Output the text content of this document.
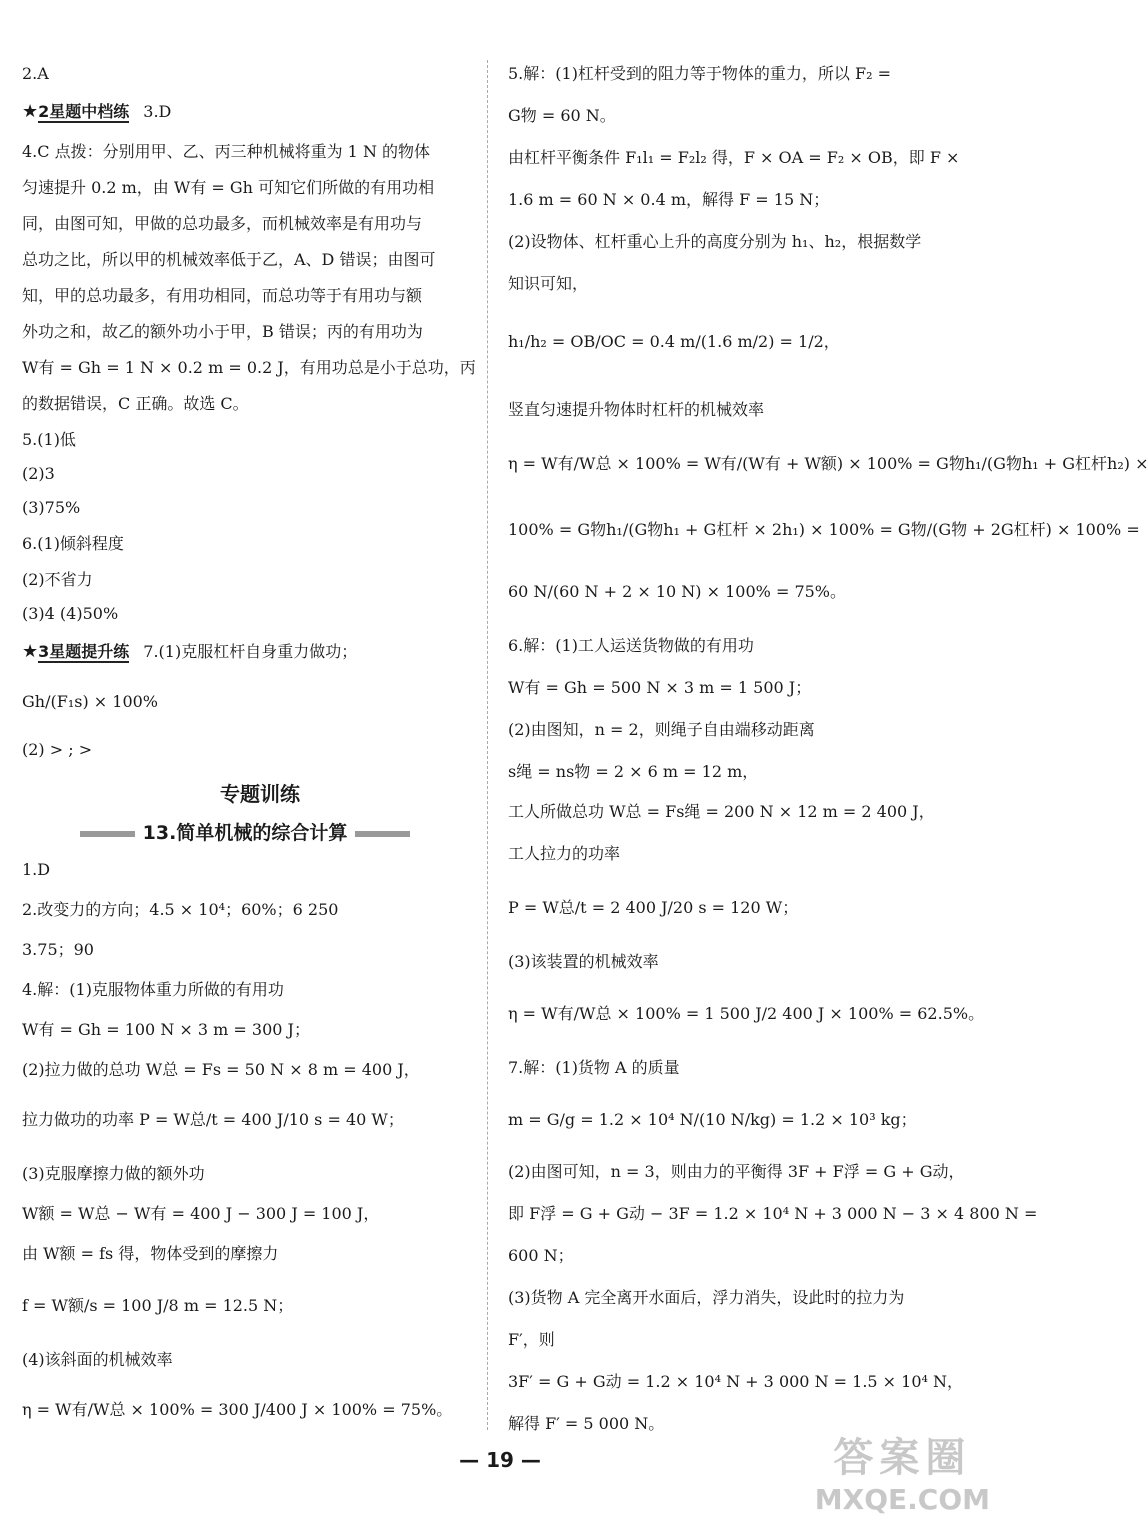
2.A
★2星题中档练 3.D
4.C 点拨：分别用甲、乙、丙三种机械将重为 1 N 的物体
匀速提升 0.2 m，由 W有 = Gh 可知它们所做的有用功相
同，由图可知，甲做的总功最多，而机械效率是有用功与
总功之比，所以甲的机械效率低于乙，A、D 错误；由图可
知，甲的总功最多，有用功相同，而总功等于有用功与额
外功之和，故乙的额外功小于甲，B 错误；丙的有用功为
W有 = Gh = 1 N × 0.2 m = 0.2 J，有用功总是小于总功，丙
的数据错误，C 正确。故选 C。
5.(1)低
(2)3
(3)75%
6.(1)倾斜程度
(2)不省力
(3)4 (4)50%
★3星题提升练 7.(1)克服杠杆自身重力做功；
Gh/(F₁s) × 100%
(2) > ; >
专题训练
13.简单机械的综合计算
1.D
2.改变力的方向；4.5 × 10⁴；60%；6 250
3.75；90
4.解：(1)克服物体重力所做的有用功
W有 = Gh = 100 N × 3 m = 300 J；
(2)拉力做的总功 W总 = Fs = 50 N × 8 m = 400 J，
拉力做功的功率 P = W总/t = 400 J/10 s = 40 W；
(3)克服摩擦力做的额外功
W额 = W总 − W有 = 400 J − 300 J = 100 J，
由 W额 = fs 得，物体受到的摩擦力
f = W额/s = 100 J/8 m = 12.5 N；
(4)该斜面的机械效率
η = W有/W总 × 100% = 300 J/400 J × 100% = 75%。
5.解：(1)杠杆受到的阻力等于物体的重力，所以 F₂ =
G物 = 60 N。
由杠杆平衡条件 F₁l₁ = F₂l₂ 得，F × OA = F₂ × OB，即 F ×
1.6 m = 60 N × 0.4 m，解得 F = 15 N；
(2)设物体、杠杆重心上升的高度分别为 h₁、h₂，根据数学
知识可知，
h₁/h₂ = OB/OC = 0.4 m/(1.6 m/2) = 1/2，
竖直匀速提升物体时杠杆的机械效率
η = W有/W总 × 100% = W有/(W有 + W额) × 100% = G物h₁/(G物h₁ + G杠杆h₂) ×
100% = G物h₁/(G物h₁ + G杠杆 × 2h₁) × 100% = G物/(G物 + 2G杠杆) × 100% =
60 N/(60 N + 2 × 10 N) × 100% = 75%。
6.解：(1)工人运送货物做的有用功
W有 = Gh = 500 N × 3 m = 1 500 J；
(2)由图知，n = 2，则绳子自由端移动距离
s绳 = ns物 = 2 × 6 m = 12 m，
工人所做总功 W总 = Fs绳 = 200 N × 12 m = 2 400 J，
工人拉力的功率
P = W总/t = 2 400 J/20 s = 120 W；
(3)该装置的机械效率
η = W有/W总 × 100% = 1 500 J/2 400 J × 100% = 62.5%。
7.解：(1)货物 A 的质量
m = G/g = 1.2 × 10⁴ N/(10 N/kg) = 1.2 × 10³ kg；
(2)由图可知，n = 3，则由力的平衡得 3F + F浮 = G + G动，
即 F浮 = G + G动 − 3F = 1.2 × 10⁴ N + 3 000 N − 3 × 4 800 N =
600 N；
(3)货物 A 完全离开水面后，浮力消失，设此时的拉力为
F′，则
3F′ = G + G动 = 1.2 × 10⁴ N + 3 000 N = 1.5 × 10⁴ N，
解得 F′ = 5 000 N。
— 19 —	答案圈
MXQE.COM
